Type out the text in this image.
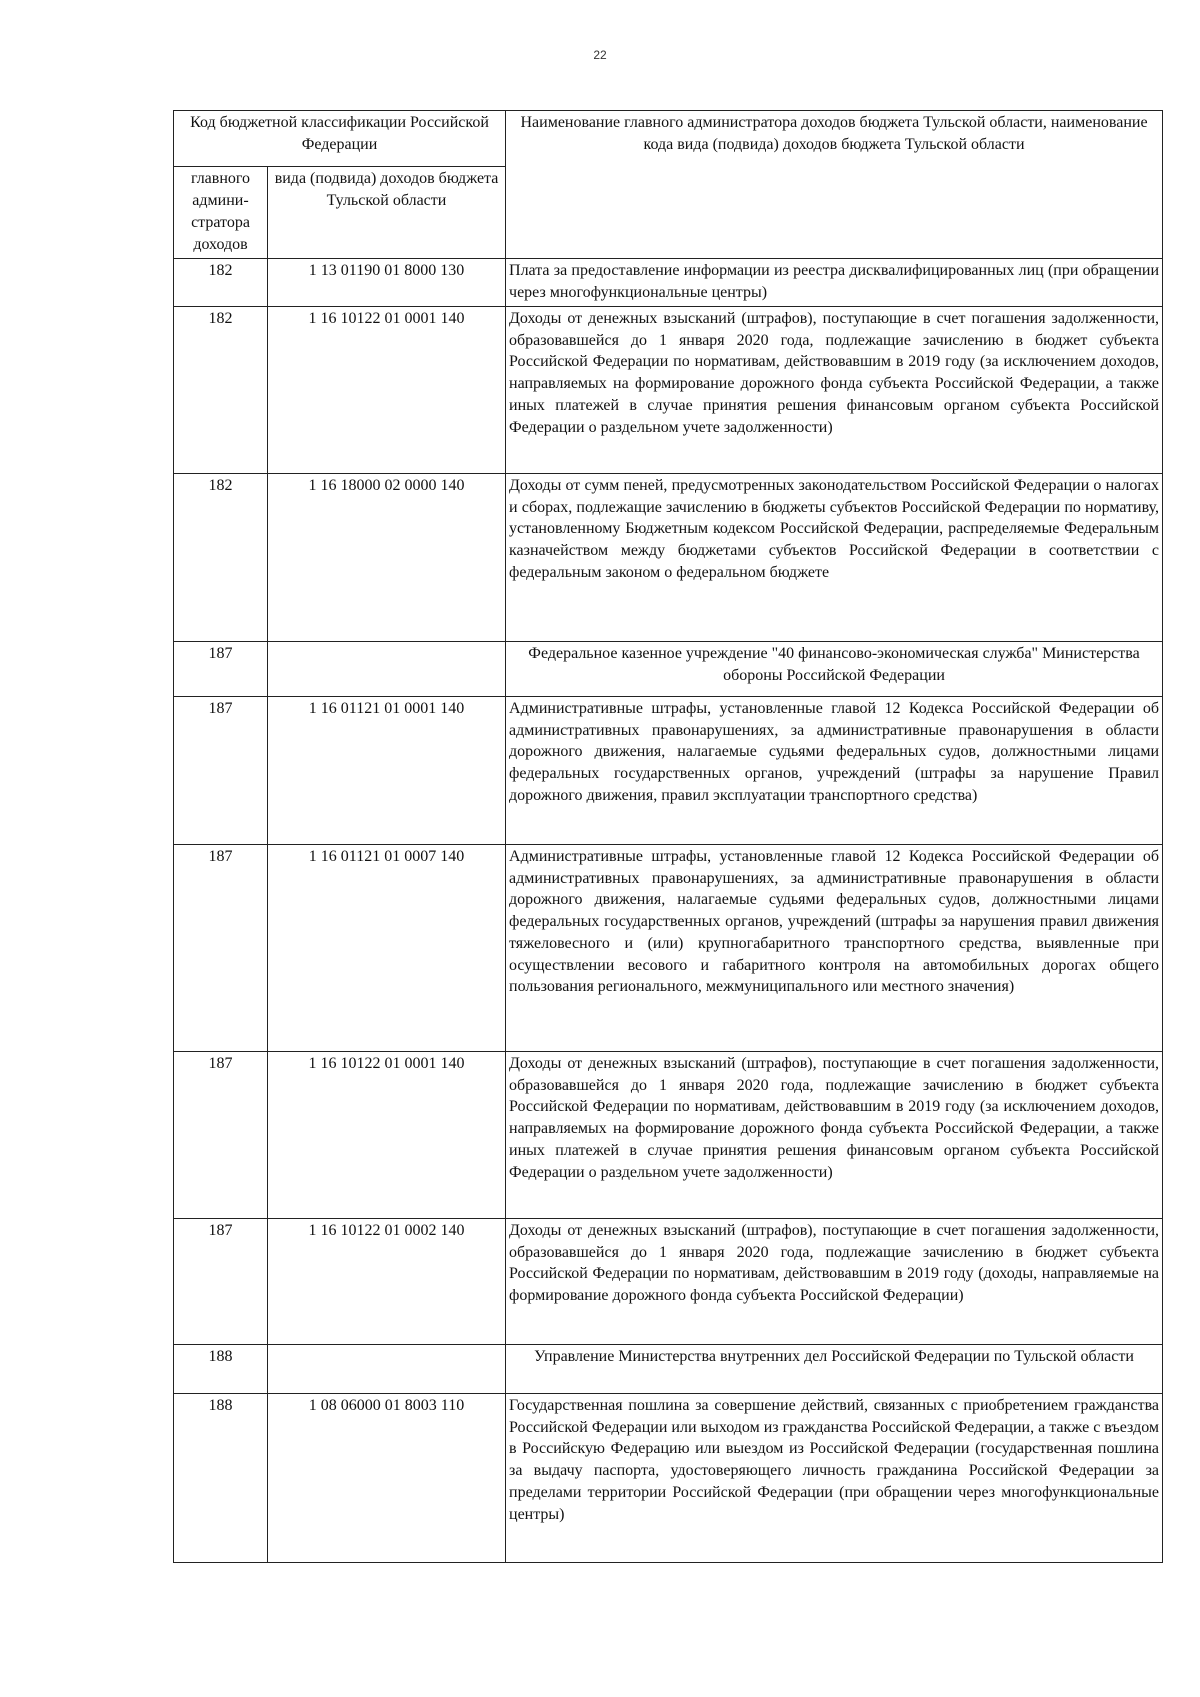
22
Код бюджетной классификации Российской Федерации		Наименование главного администратора доходов бюджета Тульской области, наименование кода вида (подвида) доходов бюджета Тульской области
главного админи-стратора доходов	вида (подвида) доходов бюджета Тульской области	
182	1 13 01190 01 8000 130	Плата за предоставление информации из реестра дисквалифицированных лиц (при обращении через многофункциональные центры)
182	1 16 10122 01 0001 140	Доходы от денежных взысканий (штрафов), поступающие в счет погашения задолженности, образовавшейся до 1 января 2020 года, подлежащие зачислению в бюджет субъекта Российской Федерации по нормативам, действовавшим в 2019 году (за исключением доходов, направляемых на формирование дорожного фонда субъекта Российской Федерации, а также иных платежей в случае принятия решения финансовым органом субъекта Российской Федерации о раздельном учете задолженности)
182	1 16 18000 02 0000 140	Доходы от сумм пеней, предусмотренных законодательством Российской Федерации о налогах и сборах, подлежащие зачислению в бюджеты субъектов Российской Федерации по нормативу, установленному Бюджетным кодексом Российской Федерации, распределяемые Федеральным казначейством между бюджетами субъектов Российской Федерации в соответствии с федеральным законом о федеральном бюджете
187		Федеральное казенное учреждение "40 финансово-экономическая служба" Министерства обороны Российской Федерации
187	1 16 01121 01 0001 140	Административные штрафы, установленные главой 12 Кодекса Российской Федерации об административных правонарушениях, за административные правонарушения в области дорожного движения, налагаемые судьями федеральных судов, должностными лицами федеральных государственных органов, учреждений (штрафы за нарушение Правил дорожного движения, правил эксплуатации транспортного средства)
187	1 16 01121 01 0007 140	Административные штрафы, установленные главой 12 Кодекса Российской Федерации об административных правонарушениях, за административные правонарушения в области дорожного движения, налагаемые судьями федеральных судов, должностными лицами федеральных государственных органов, учреждений (штрафы за нарушения правил движения тяжеловесного и (или) крупногабаритного транспортного средства, выявленные при осуществлении весового и габаритного контроля на автомобильных дорогах общего пользования регионального, межмуниципального или местного значения)
187	1 16 10122 01 0001 140	Доходы от денежных взысканий (штрафов), поступающие в счет погашения задолженности, образовавшейся до 1 января 2020 года, подлежащие зачислению в бюджет субъекта Российской Федерации по нормативам, действовавшим в 2019 году (за исключением доходов, направляемых на формирование дорожного фонда субъекта Российской Федерации, а также иных платежей в случае принятия решения финансовым органом субъекта Российской Федерации о раздельном учете задолженности)
187	1 16 10122 01 0002 140	Доходы от денежных взысканий (штрафов), поступающие в счет погашения задолженности, образовавшейся до 1 января 2020 года, подлежащие зачислению в бюджет субъекта Российской Федерации по нормативам, действовавшим в 2019 году (доходы, направляемые на формирование дорожного фонда субъекта Российской Федерации)
188		Управление Министерства внутренних дел Российской Федерации по Тульской области
188	1 08 06000 01 8003 110	Государственная пошлина за совершение действий, связанных с приобретением гражданства Российской Федерации или выходом из гражданства Российской Федерации, а также с въездом в Российскую Федерацию или выездом из Российской Федерации (государственная пошлина за выдачу паспорта, удостоверяющего личность гражданина Российской Федерации за пределами территории Российской Федерации (при обращении через многофункциональные центры)
